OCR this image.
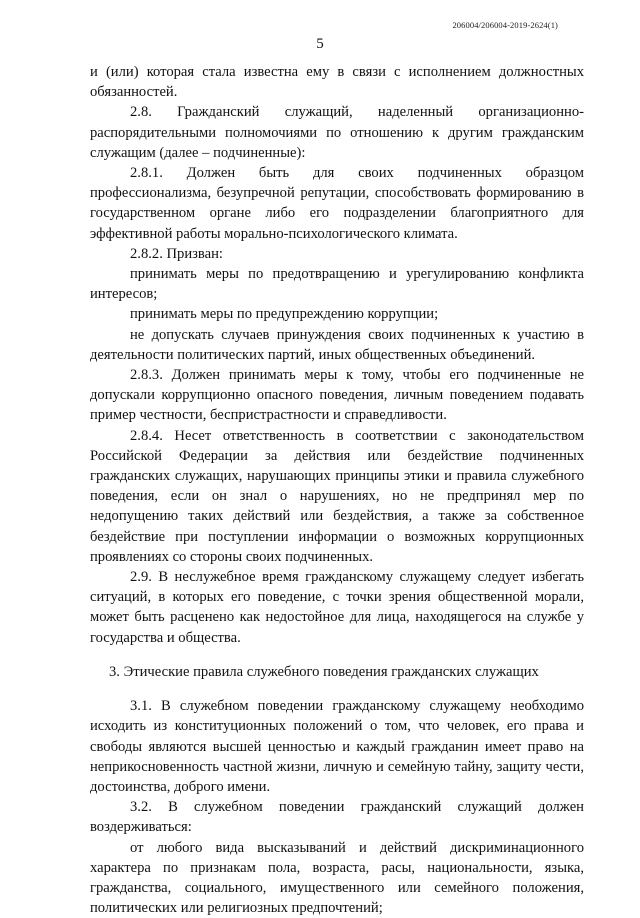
206004/206004-2019-2624(1)
5

и (или) которая стала известна ему в связи с исполнением должностных обязанностей.

2.8. Гражданский служащий, наделенный организационно-распорядительными полномочиями по отношению к другим гражданским служащим (далее – подчиненные):

2.8.1. Должен быть для своих подчиненных образцом профессионализма, безупречной репутации, способствовать формированию в государственном органе либо его подразделении благоприятного для эффективной работы морально-психологического климата.

2.8.2. Призван:

принимать меры по предотвращению и урегулированию конфликта интересов;

принимать меры по предупреждению коррупции;

не допускать случаев принуждения своих подчиненных к участию в деятельности политических партий, иных общественных объединений.

2.8.3. Должен принимать меры к тому, чтобы его подчиненные не допускали коррупционно опасного поведения, личным поведением подавать пример честности, беспристрастности и справедливости.

2.8.4. Несет ответственность в соответствии с законодательством Российской Федерации за действия или бездействие подчиненных гражданских служащих, нарушающих принципы этики и правила служебного поведения, если он знал о нарушениях, но не предпринял мер по недопущению таких действий или бездействия, а также за собственное бездействие при поступлении информации о возможных коррупционных проявлениях со стороны своих подчиненных.

2.9. В неслужебное время гражданскому служащему следует избегать ситуаций, в которых его поведение, с точки зрения общественной морали, может быть расценено как недостойное для лица, находящегося на службе у государства и общества.

3. Этические правила служебного поведения гражданских служащих

3.1. В служебном поведении гражданскому служащему необходимо исходить из конституционных положений о том, что человек, его права и свободы являются высшей ценностью и каждый гражданин имеет право на неприкосновенность частной жизни, личную и семейную тайну, защиту чести, достоинства, доброго имени.

3.2. В служебном поведении гражданский служащий должен воздерживаться:

от любого вида высказываний и действий дискриминационного характера по признакам пола, возраста, расы, национальности, языка, гражданства, социального, имущественного или семейного положения, политических или религиозных предпочтений;
